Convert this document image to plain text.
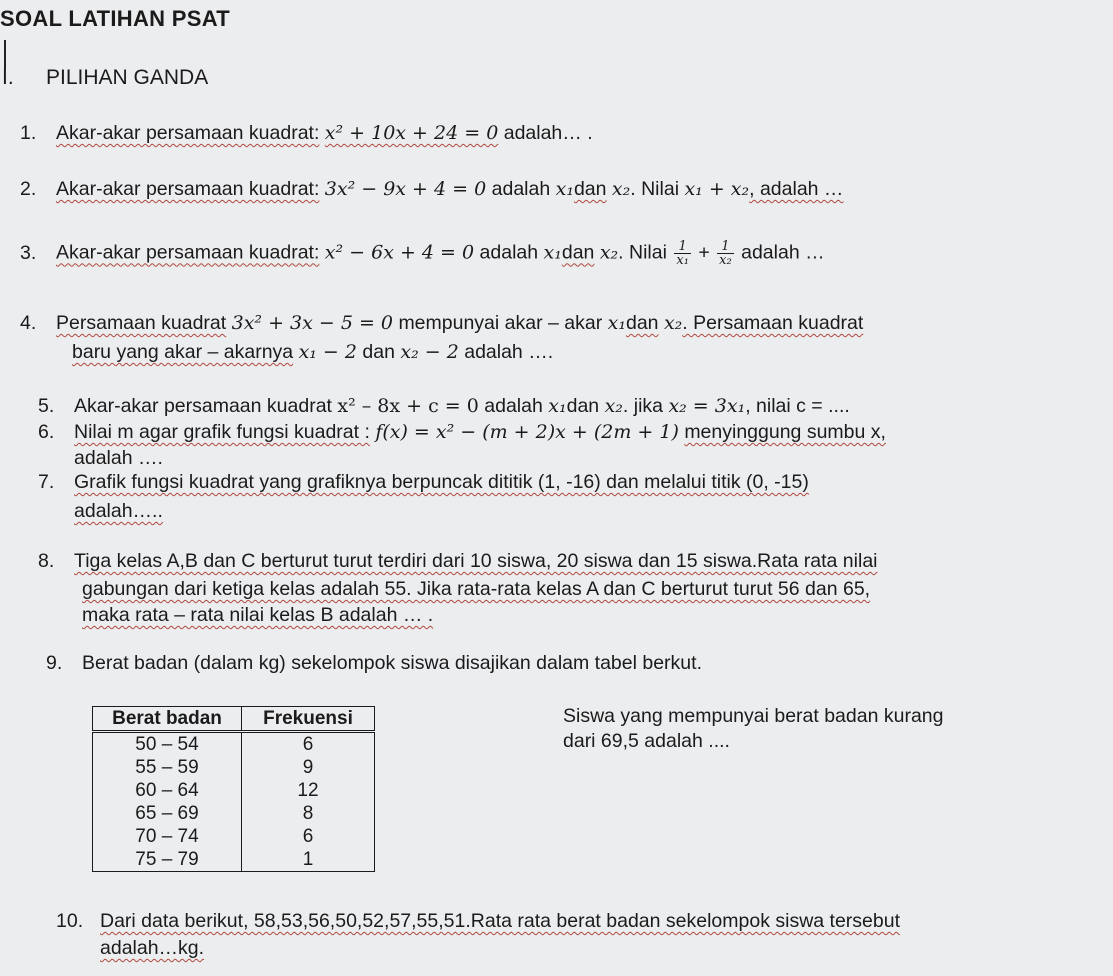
SOAL LATIHAN PSAT
I. PILIHAN GANDA
1. Akar-akar persamaan kuadrat: x² + 10x + 24 = 0 adalah… .
2. Akar-akar persamaan kuadrat: 3x² − 9x + 4 = 0 adalah x₁dan x₂. Nilai x₁ + x₂, adalah …
3. Akar-akar persamaan kuadrat: x² − 6x + 4 = 0 adalah x₁dan x₂. Nilai $\frac{1}{\text{x₁}} + \frac{1}{\text{x₂}}$ adalah …
4. Persamaan kuadrat 3x² + 3x − 5 = 0 mempunyai akar – akar x₁dan x₂. Persamaan kuadrat
baru yang akar – akarnya x₁ − 2 dan x₂ − 2 adalah ….
5. Akar-akar persamaan kuadrat x² – 8x + c = 0 adalah x₁dan x₂. jika x₂ = 3x₁, nilai c = ....
6. Nilai m agar grafik fungsi kuadrat : f(x) = x² − (m + 2)x + (2m + 1) menyinggung sumbu x,
adalah ….
7. Grafik fungsi kuadrat yang grafiknya berpuncak dititik (1, -16) dan melalui titik (0, -15)
adalah…..
8. Tiga kelas A,B dan C berturut turut terdiri dari 10 siswa, 20 siswa dan 15 siswa.Rata rata nilai
gabungan dari ketiga kelas adalah 55. Jika rata-rata kelas A dan C berturut turut 56 dan 65,
maka rata – rata nilai kelas B adalah … .
9. Berat badan (dalam kg) sekelompok siswa disajikan dalam tabel berkut.
Siswa yang mempunyai berat badan kurang
dari 69,5 adalah ....
Berat badan	Frekuensi
50 – 54	6
55 – 59	9
60 – 64	12
65 – 69	8
70 – 74	6
75 – 79	1
10. Dari data berikut, 58,53,56,50,52,57,55,51.Rata rata berat badan sekelompok siswa tersebut
adalah…kg.
